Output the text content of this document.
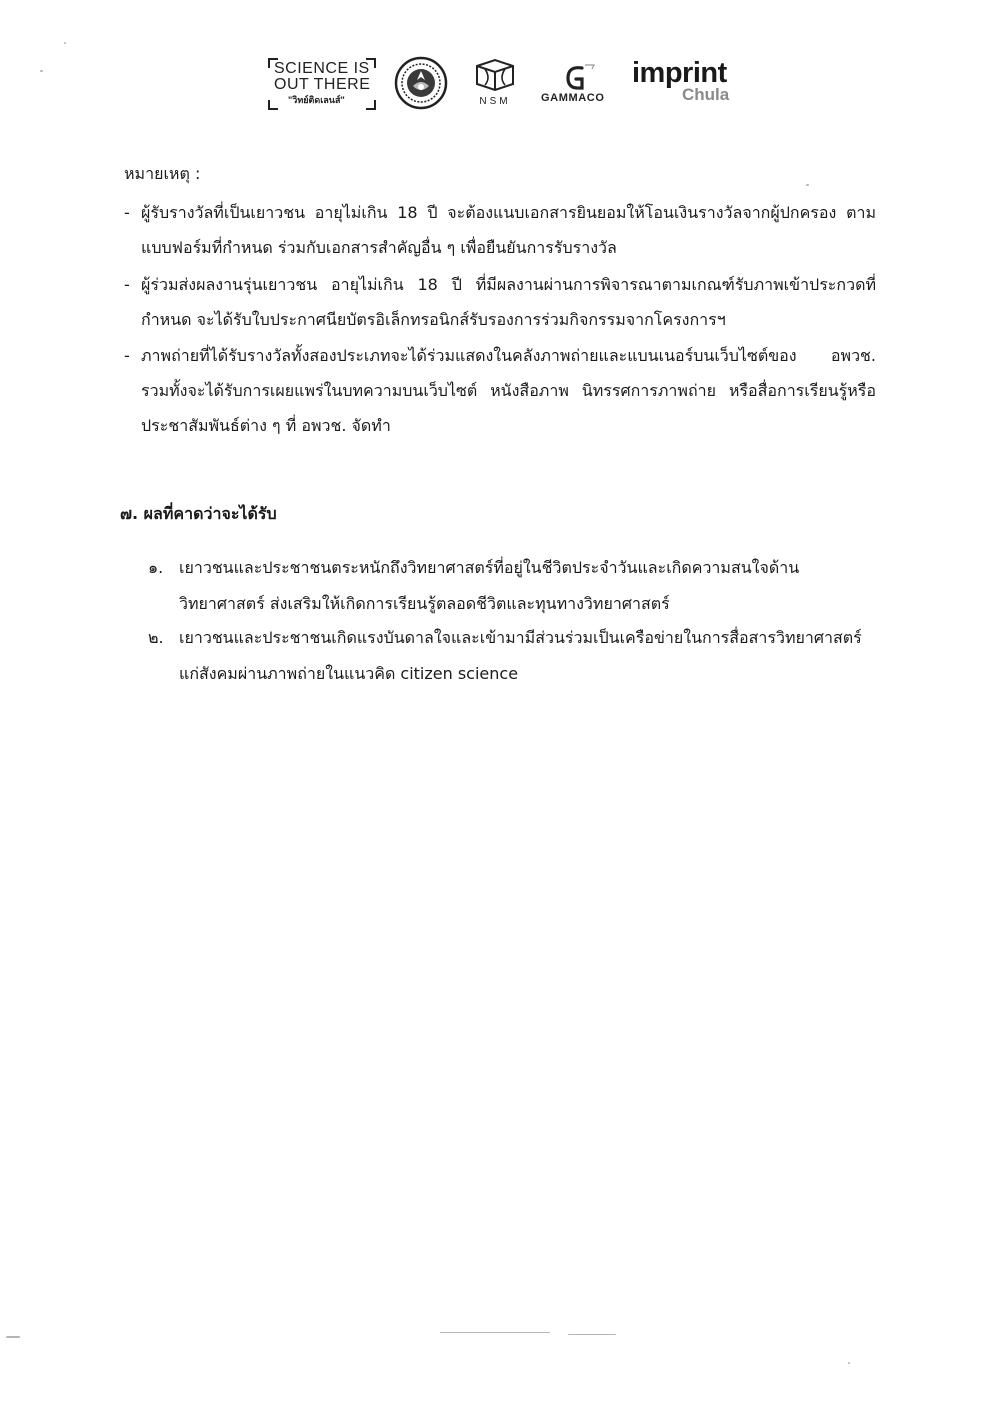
SCIENCE IS
OUT THERE
"วิทย์ติดเลนส์"	NSM	GAMMACO
imprint
Chula
หมายเหตุ :
- ผู้รับรางวัลที่เป็นเยาวชน อายุไม่เกิน 18 ปี จะต้องแนบเอกสารยินยอมให้โอนเงินรางวัลจากผู้ปกครอง ตามแบบฟอร์มที่กำหนด ร่วมกับเอกสารสำคัญอื่น ๆ เพื่อยืนยันการรับรางวัล
- ผู้ร่วมส่งผลงานรุ่นเยาวชน อายุไม่เกิน 18 ปี ที่มีผลงานผ่านการพิจารณาตามเกณฑ์รับภาพเข้าประกวดที่กำหนด จะได้รับใบประกาศนียบัตรอิเล็กทรอนิกส์รับรองการร่วมกิจกรรมจากโครงการฯ
- ภาพถ่ายที่ได้รับรางวัลทั้งสองประเภทจะได้ร่วมแสดงในคลังภาพถ่ายและแบนเนอร์บนเว็บไซต์ของ อพวช. รวมทั้งจะได้รับการเผยแพร่ในบทความบนเว็บไซต์ หนังสือภาพ นิทรรศการภาพถ่าย หรือสื่อการเรียนรู้หรือประชาสัมพันธ์ต่าง ๆ ที่ อพวช. จัดทำ
๗. ผลที่คาดว่าจะได้รับ
๑. เยาวชนและประชาชนตระหนักถึงวิทยาศาสตร์ที่อยู่ในชีวิตประจำวันและเกิดความสนใจด้านวิทยาศาสตร์ ส่งเสริมให้เกิดการเรียนรู้ตลอดชีวิตและทุนทางวิทยาศาสตร์
๒. เยาวชนและประชาชนเกิดแรงบันดาลใจและเข้ามามีส่วนร่วมเป็นเครือข่ายในการสื่อสารวิทยาศาสตร์แก่สังคมผ่านภาพถ่ายในแนวคิด citizen science
